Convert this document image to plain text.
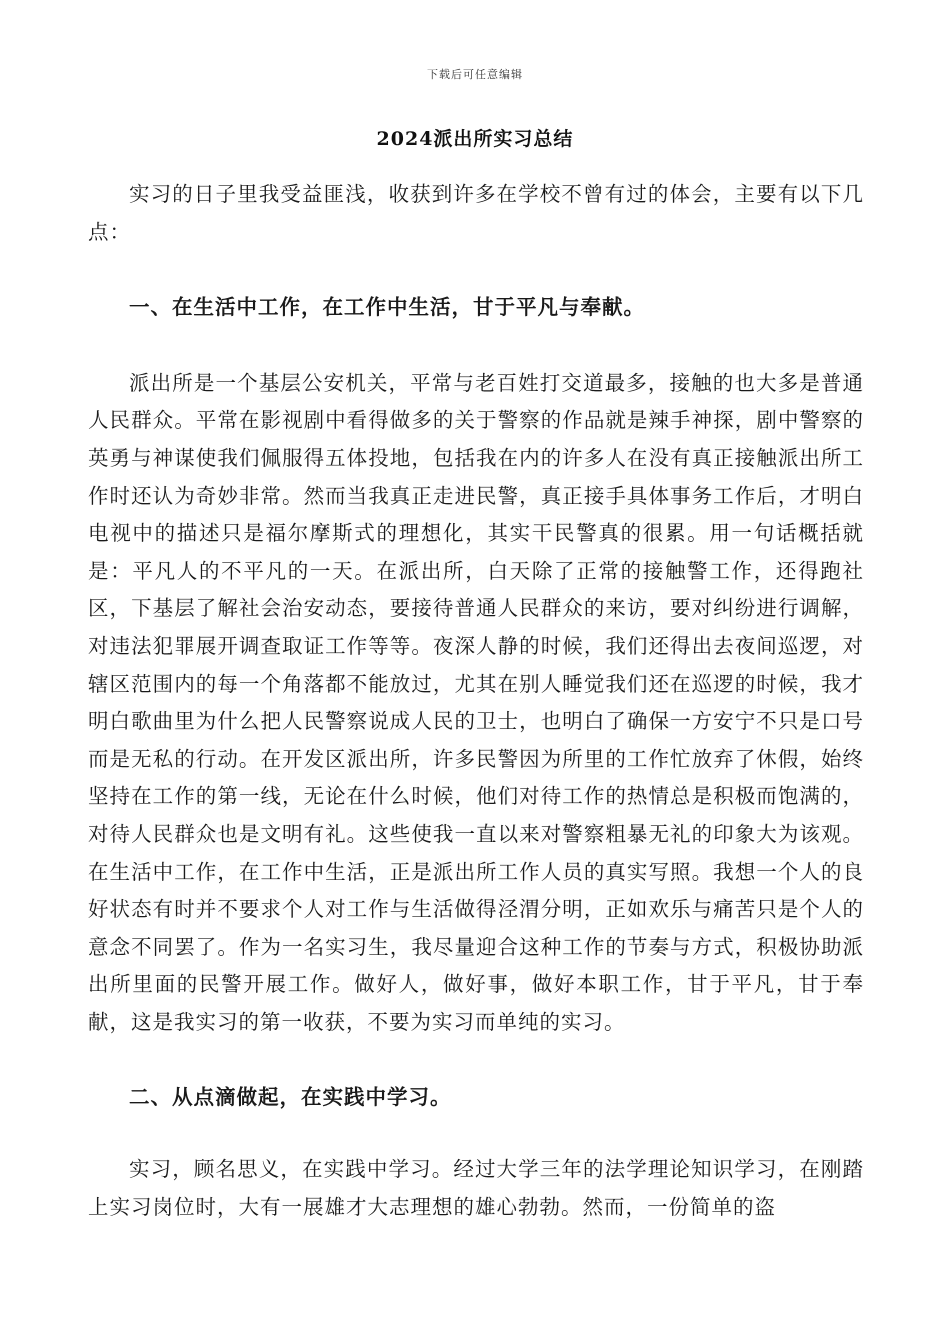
下载后可任意编辑
2024派出所实习总结

实习的日子里我受益匪浅，收获到许多在学校不曾有过的体会，主要有以下几点：

一、在生活中工作，在工作中生活，甘于平凡与奉献。

派出所是一个基层公安机关，平常与老百姓打交道最多，接触的也大多是普通人民群众。平常在影视剧中看得做多的关于警察的作品就是辣手神探，剧中警察的英勇与神谋使我们佩服得五体投地，包括我在内的许多人在没有真正接触派出所工作时还认为奇妙非常。然而当我真正走进民警，真正接手具体事务工作后，才明白电视中的描述只是福尔摩斯式的理想化，其实干民警真的很累。用一句话概括就是：平凡人的不平凡的一天。在派出所，白天除了正常的接触警工作，还得跑社区，下基层了解社会治安动态，要接待普通人民群众的来访，要对纠纷进行调解，对违法犯罪展开调查取证工作等等。夜深人静的时候，我们还得出去夜间巡逻，对辖区范围内的每一个角落都不能放过，尤其在别人睡觉我们还在巡逻的时候，我才明白歌曲里为什么把人民警察说成人民的卫士，也明白了确保一方安宁不只是口号而是无私的行动。在开发区派出所，许多民警因为所里的工作忙放弃了休假，始终坚持在工作的第一线，无论在什么时候，他们对待工作的热情总是积极而饱满的，对待人民群众也是文明有礼。这些使我一直以来对警察粗暴无礼的印象大为该观。在生活中工作，在工作中生活，正是派出所工作人员的真实写照。我想一个人的良好状态有时并不要求个人对工作与生活做得泾渭分明，正如欢乐与痛苦只是个人的意念不同罢了。作为一名实习生，我尽量迎合这种工作的节奏与方式，积极协助派出所里面的民警开展工作。做好人，做好事，做好本职工作，甘于平凡，甘于奉献，这是我实习的第一收获，不要为实习而单纯的实习。

二、从点滴做起，在实践中学习。

实习，顾名思义，在实践中学习。经过大学三年的法学理论知识学习，在刚踏上实习岗位时，大有一展雄才大志理想的雄心勃勃。然而，一份简单的盗
